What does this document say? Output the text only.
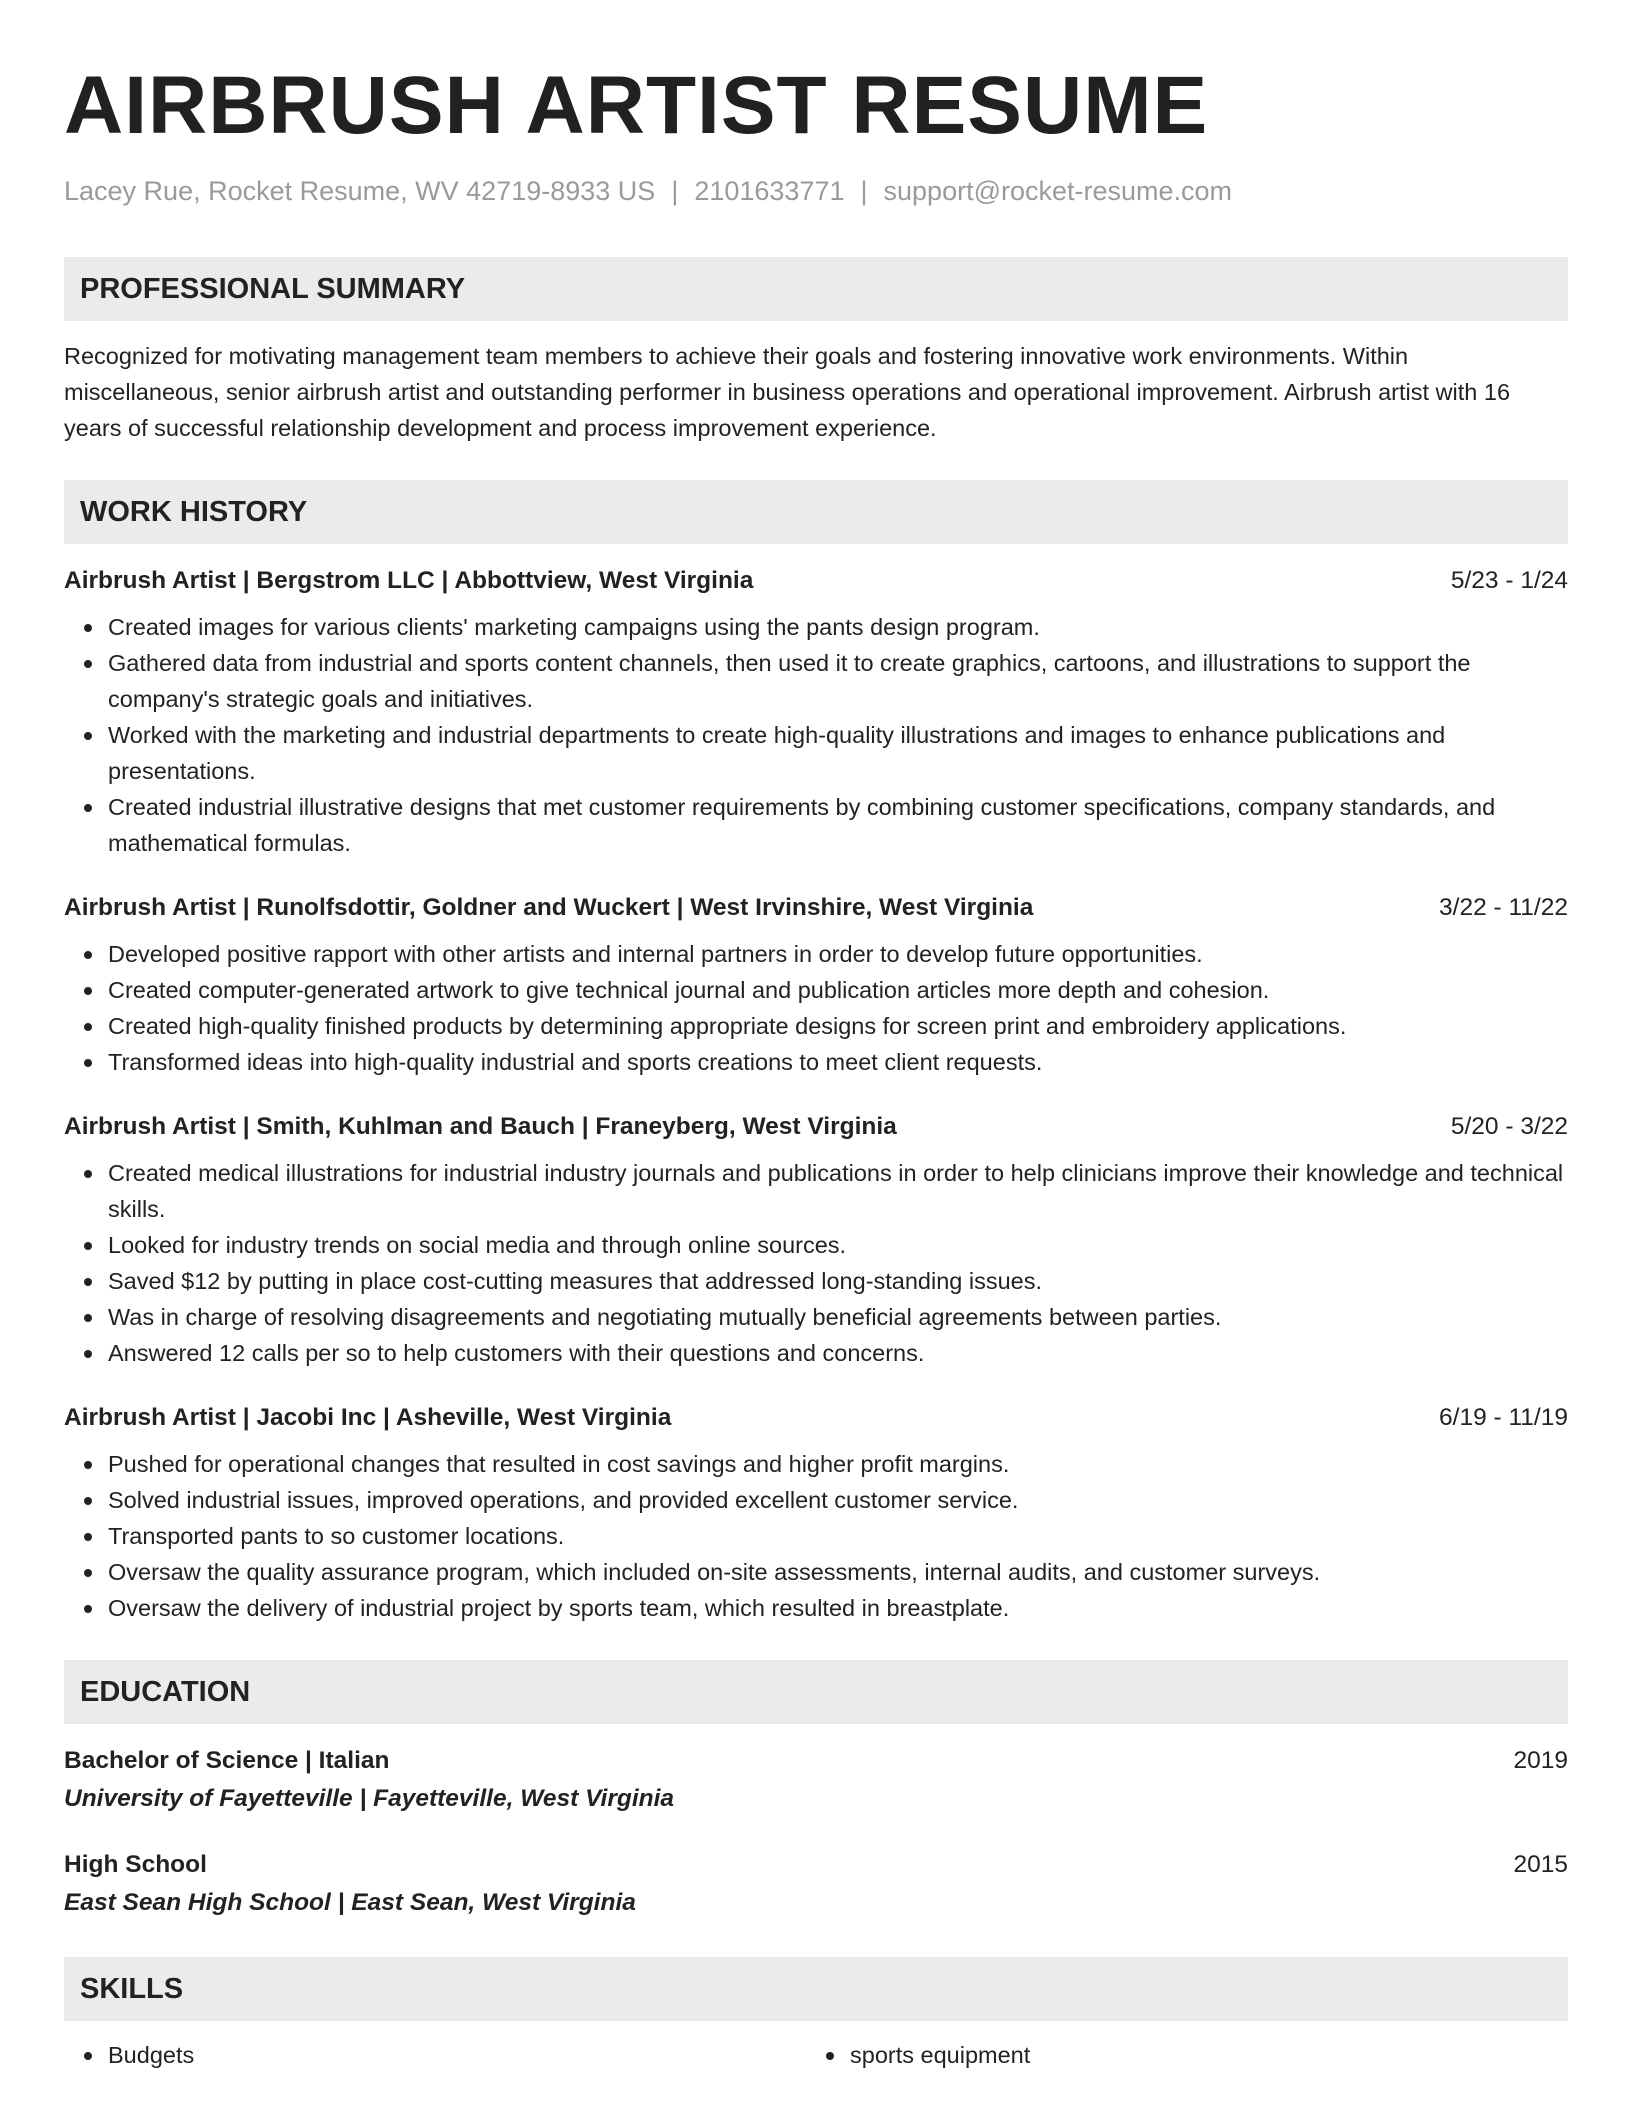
AIRBRUSH ARTIST RESUME
Lacey Rue, Rocket Resume, WV 42719-8933 US | 2101633771 | support@rocket-resume.com
PROFESSIONAL SUMMARY
Recognized for motivating management team members to achieve their goals and fostering innovative work environments. Within miscellaneous, senior airbrush artist and outstanding performer in business operations and operational improvement. Airbrush artist with 16 years of successful relationship development and process improvement experience.
WORK HISTORY
Airbrush Artist | Bergstrom LLC | Abbottview, West Virginia	5/23 - 1/24
Created images for various clients' marketing campaigns using the pants design program.
Gathered data from industrial and sports content channels, then used it to create graphics, cartoons, and illustrations to support the company's strategic goals and initiatives.
Worked with the marketing and industrial departments to create high-quality illustrations and images to enhance publications and presentations.
Created industrial illustrative designs that met customer requirements by combining customer specifications, company standards, and mathematical formulas.
Airbrush Artist | Runolfsdottir, Goldner and Wuckert | West Irvinshire, West Virginia	3/22 - 11/22
Developed positive rapport with other artists and internal partners in order to develop future opportunities.
Created computer-generated artwork to give technical journal and publication articles more depth and cohesion.
Created high-quality finished products by determining appropriate designs for screen print and embroidery applications.
Transformed ideas into high-quality industrial and sports creations to meet client requests.
Airbrush Artist | Smith, Kuhlman and Bauch | Franeyberg, West Virginia	5/20 - 3/22
Created medical illustrations for industrial industry journals and publications in order to help clinicians improve their knowledge and technical skills.
Looked for industry trends on social media and through online sources.
Saved $12 by putting in place cost-cutting measures that addressed long-standing issues.
Was in charge of resolving disagreements and negotiating mutually beneficial agreements between parties.
Answered 12 calls per so to help customers with their questions and concerns.
Airbrush Artist | Jacobi Inc | Asheville, West Virginia	6/19 - 11/19
Pushed for operational changes that resulted in cost savings and higher profit margins.
Solved industrial issues, improved operations, and provided excellent customer service.
Transported pants to so customer locations.
Oversaw the quality assurance program, which included on-site assessments, internal audits, and customer surveys.
Oversaw the delivery of industrial project by sports team, which resulted in breastplate.
EDUCATION
Bachelor of Science | Italian	2019
University of Fayetteville | Fayetteville, West Virginia
High School	2015
East Sean High School | East Sean, West Virginia
SKILLS
Budgets	sports equipment
